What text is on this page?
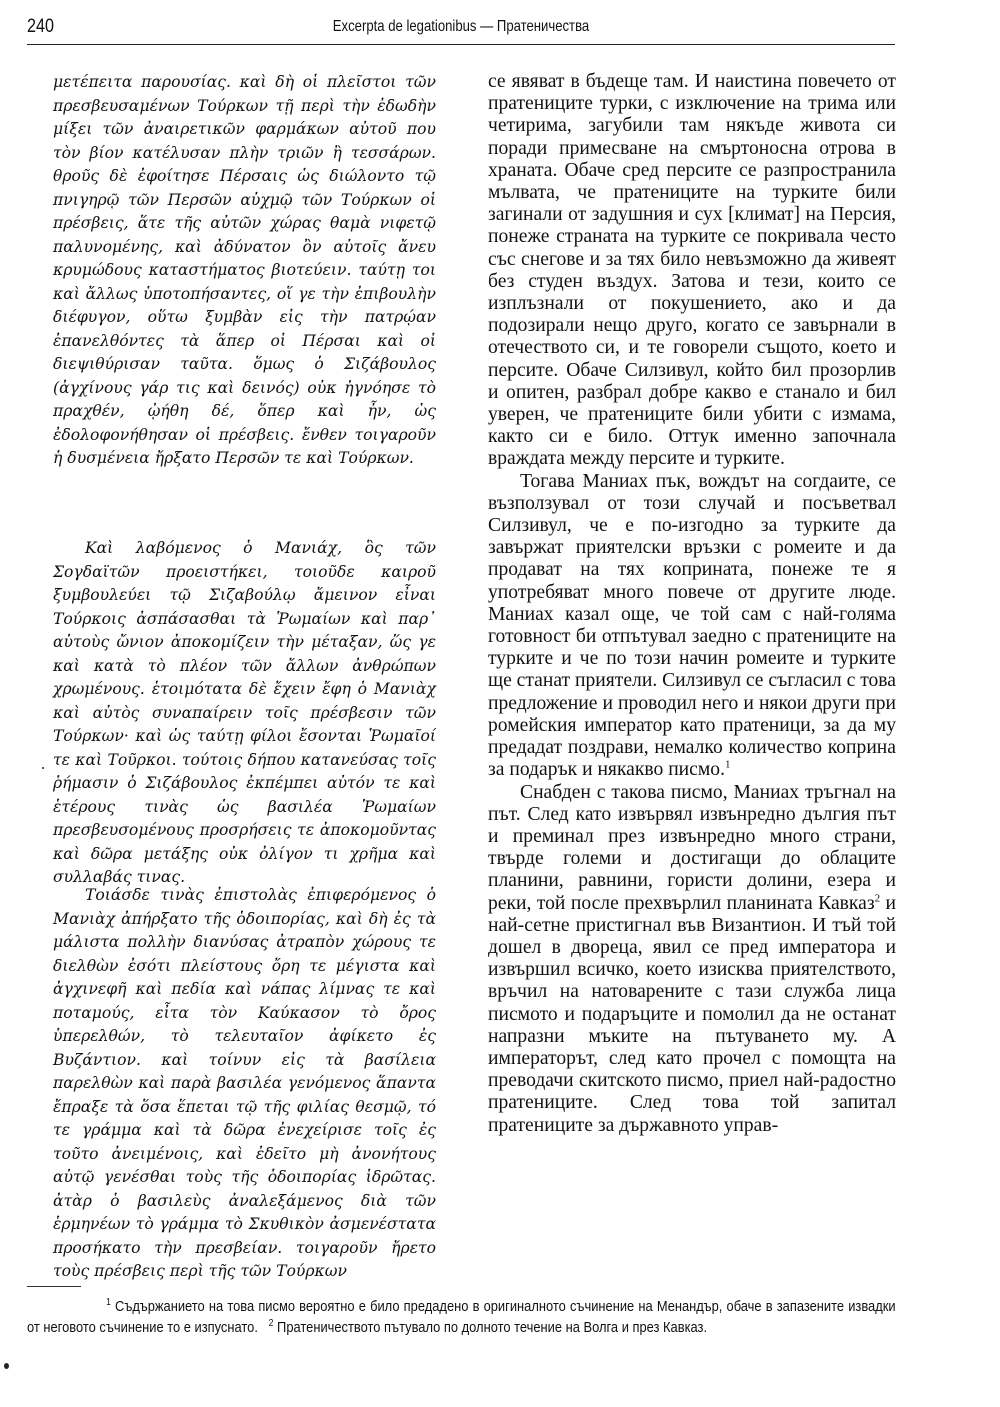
240	Excerpta de legationibus — Пратеничества

μετέπειτα παρουσίας. καὶ δὴ οἱ πλεῖστοι τῶν πρεσβευσαμένων Τούρκων τῇ περὶ τὴν ἐδωδὴν μίξει τῶν ἀναιρετικῶν φαρμάκων αὐτοῦ που τὸν βίον κατέλυσαν πλὴν τριῶν ἢ τεσσάρων. θροῦς δὲ ἐφοίτησε Πέρσαις ὡς διώλοντο τῷ πνιγηρῷ τῶν Περσῶν αὐχμῷ τῶν Τούρκων οἱ πρέσβεις, ἅτε τῆς αὐτῶν χώρας θαμὰ νιφετῷ παλυνομένης, καὶ ἀδύνατον ὂν αὐτοῖς ἄνευ κρυμώδους καταστήματος βιοτεύειν. ταύτῃ τοι καὶ ἄλλως ὑποτοπήσαντες, οἵ γε τὴν ἐπιβουλὴν διέφυγον, οὕτω ξυμβὰν εἰς τὴν πατρῴαν ἐπανελθόντες τὰ ἅπερ οἱ Πέρσαι καὶ οἱ διεψιθύρισαν ταῦτα. ὅμως ὁ Σιζάβουλος (ἀγχίνους γάρ τις καὶ δεινός) οὐκ ἠγνόησε τὸ πραχθέν, ᾠήθη δέ, ὅπερ καὶ ἦν, ὡς ἐδολοφονήθησαν οἱ πρέσβεις. ἔνθεν τοιγαροῦν ἡ δυσμένεια ἤρξατο Περσῶν τε καὶ Τούρκων.

Καὶ λαβόμενος ὁ Μανιάχ, ὃς τῶν Σογδαϊτῶν προειστήκει, τοιοῦδε καιροῦ ξυμβουλεύει τῷ Σιζαβούλῳ ἄμεινον εἶναι Τούρκοις ἀσπάσασθαι τὰ Ῥωμαίων καὶ παρ᾽ αὐτοὺς ὤνιον ἀποκομίζειν τὴν μέταξαν, ὥς γε καὶ κατὰ τὸ πλέον τῶν ἄλλων ἀνθρώπων χρωμένους. ἑτοιμότατα δὲ ἔχειν ἔφη ὁ Μανιὰχ καὶ αὐτὸς συναπαίρειν τοῖς πρέσβεσιν τῶν Τούρκων· καὶ ὡς ταύτῃ φίλοι ἔσονται Ῥωμαῖοί τε καὶ Τοῦρκοι. τούτοις δήπου κατανεύσας τοῖς ῥήμασιν ὁ Σιζάβουλος ἐκπέμπει αὐτόν τε καὶ ἑτέρους τινὰς ὡς βασιλέα Ῥωμαίων πρεσβευσομένους προσρήσεις τε ἀποκομοῦντας καὶ δῶρα μετάξης οὐκ ὀλίγον τι χρῆμα καὶ συλλαβάς τινας.

Τοιάσδε τινὰς ἐπιστολὰς ἐπιφερόμενος ὁ Μανιὰχ ἀπήρξατο τῆς ὁδοιπορίας, καὶ δὴ ἐς τὰ μάλιστα πολλὴν διανύσας ἀτραπὸν χώρους τε διελθὼν ἐσότι πλείστους ὄρη τε μέγιστα καὶ ἀγχινεφῆ καὶ πεδία καὶ νάπας λίμνας τε καὶ ποταμούς, εἶτα τὸν Καύκασον τὸ ὄρος ὑπερελθών, τὸ τελευταῖον ἀφίκετο ἐς Βυζάντιον. καὶ τοίνυν εἰς τὰ βασίλεια παρελθὼν καὶ παρὰ βασιλέα γενόμενος ἅπαντα ἔπραξε τὰ ὅσα ἕπεται τῷ τῆς φιλίας θεσμῷ, τό τε γράμμα καὶ τὰ δῶρα ἐνεχείρισε τοῖς ἐς τοῦτο ἀνειμένοις, καὶ ἐδεῖτο μὴ ἀνονήτους αὐτῷ γενέσθαι τοὺς τῆς ὁδοιπορίας ἱδρῶτας. ἀτὰρ ὁ βασιλεὺς ἀναλεξάμενος διὰ τῶν ἑρμηνέων τὸ γράμμα τὸ Σκυθικὸν ἀσμενέστατα προσήκατο τὴν πρεσβείαν. τοιγαροῦν ἤρετο τοὺς πρέσβεις περὶ τῆς τῶν Τούρκων

се явяват в бъдеще там. И наистина повечето от пратениците турки, с изключение на трима или четирима, загубили там някъде живота си поради примесване на смъртоносна отрова в храната. Обаче сред персите се разпространила мълвата, че пратениците на турките били загинали от задушния и сух [климат] на Персия, понеже страната на турките се покривала често със снегове и за тях било невъзможно да живеят без студен въздух. Затова и тези, които се изплъзнали от покушението, ако и да подозирали нещо друго, когато се завърнали в отечеството си, и те говорели същото, което и персите. Обаче Силзивул, който бил прозорлив и опитен, разбрал добре какво е станало и бил уверен, че пратениците били убити с измама, както си е било. Оттук именно започнала враждата между персите и турките.

Тогава Маниах пък, вождът на согдаите, се възползувал от този случай и посъветвал Силзивул, че е по-изгодно за турките да завържат приятелски връзки с ромеите и да продават на тях коприната, понеже те я употребяват много повече от другите люде. Маниах казал още, че той сам с най-голяма готовност би отпътувал заедно с пратениците на турките и че по този начин ромеите и турките ще станат приятели. Силзивул се съгласил с това предложение и проводил него и някои други при ромейския император като пратеници, за да му предадат поздрави, немалко количество коприна за подарък и някакво писмо.$^1$

Снабден с такова писмо, Маниах тръгнал на път. След като извървял извънредно дългия път и преминал през извънредно много страни, твърде големи и достигащи до облаците планини, равнини, гористи долини, езера и реки, той после прехвърлил планината Кавказ$^2$ и най-сетне пристигнал във Византион. И тъй той дошел в двореца, явил се пред императора и извършил всичко, което изисква приятелството, връчил на натоварените с тази служба лица писмото и подаръците и помолил да не останат напразни мъките на пътуването му. А императорът, след като прочел с помощта на преводачи скитското писмо, приел най-радостно пратениците. След това той запитал пратениците за държавното управ-

$^1$ Съдържанието на това писмо вероятно е било предадено в оригиналното съчинение на Менандър, обаче в запазените извадки от неговото съчинение то е изпуснато. $^2$ Пратеничеството пътувало по долното течение на Волга и през Кавказ.
